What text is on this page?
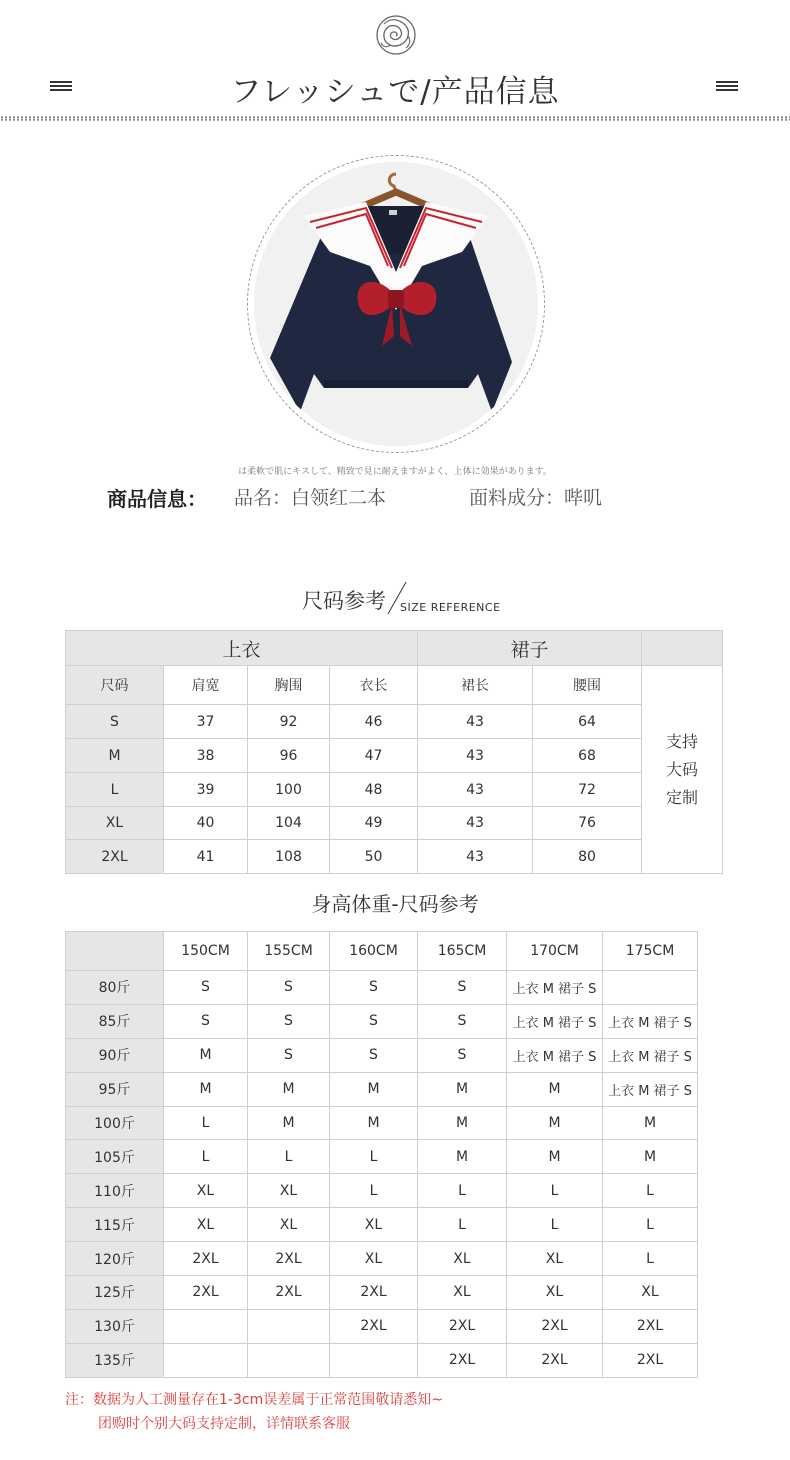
フレッシュで/产品信息
は柔軟で肌にキスして、精致で見に耐えますがよく、上体に効果があります。
商品信息： 品名：白领红二本	面料成分：哔叽
尺码参考 SIZE REFERENCE
上衣				裙子		
尺码	肩宽	胸围	衣长	裙长	腰围	支持
大码
定制

S	37	92	46	43	64	
M	38	96	47	43	68	
L	39	100	48	43	72	
XL	40	104	49	43	76	
2XL	41	108	50	43	80	
身高体重-尺码参考
	150CM	155CM	160CM	165CM	170CM	175CM
80斤	S	S	S	S	上衣 M 裙子 S	
85斤	S	S	S	S	上衣 M 裙子 S	上衣 M 裙子 S
90斤	M	S	S	S	上衣 M 裙子 S	上衣 M 裙子 S
95斤	M	M	M	M	M	上衣 M 裙子 S
100斤	L	M	M	M	M	M
105斤	L	L	L	M	M	M
110斤	XL	XL	L	L	L	L
115斤	XL	XL	XL	L	L	L
120斤	2XL	2XL	XL	XL	XL	L
125斤	2XL	2XL	2XL	XL	XL	XL
130斤			2XL	2XL	2XL	2XL
135斤				2XL	2XL	2XL
注：数据为人工测量存在1-3cm误差属于正常范围敬请悉知~
团购时个别大码支持定制，详情联系客服
